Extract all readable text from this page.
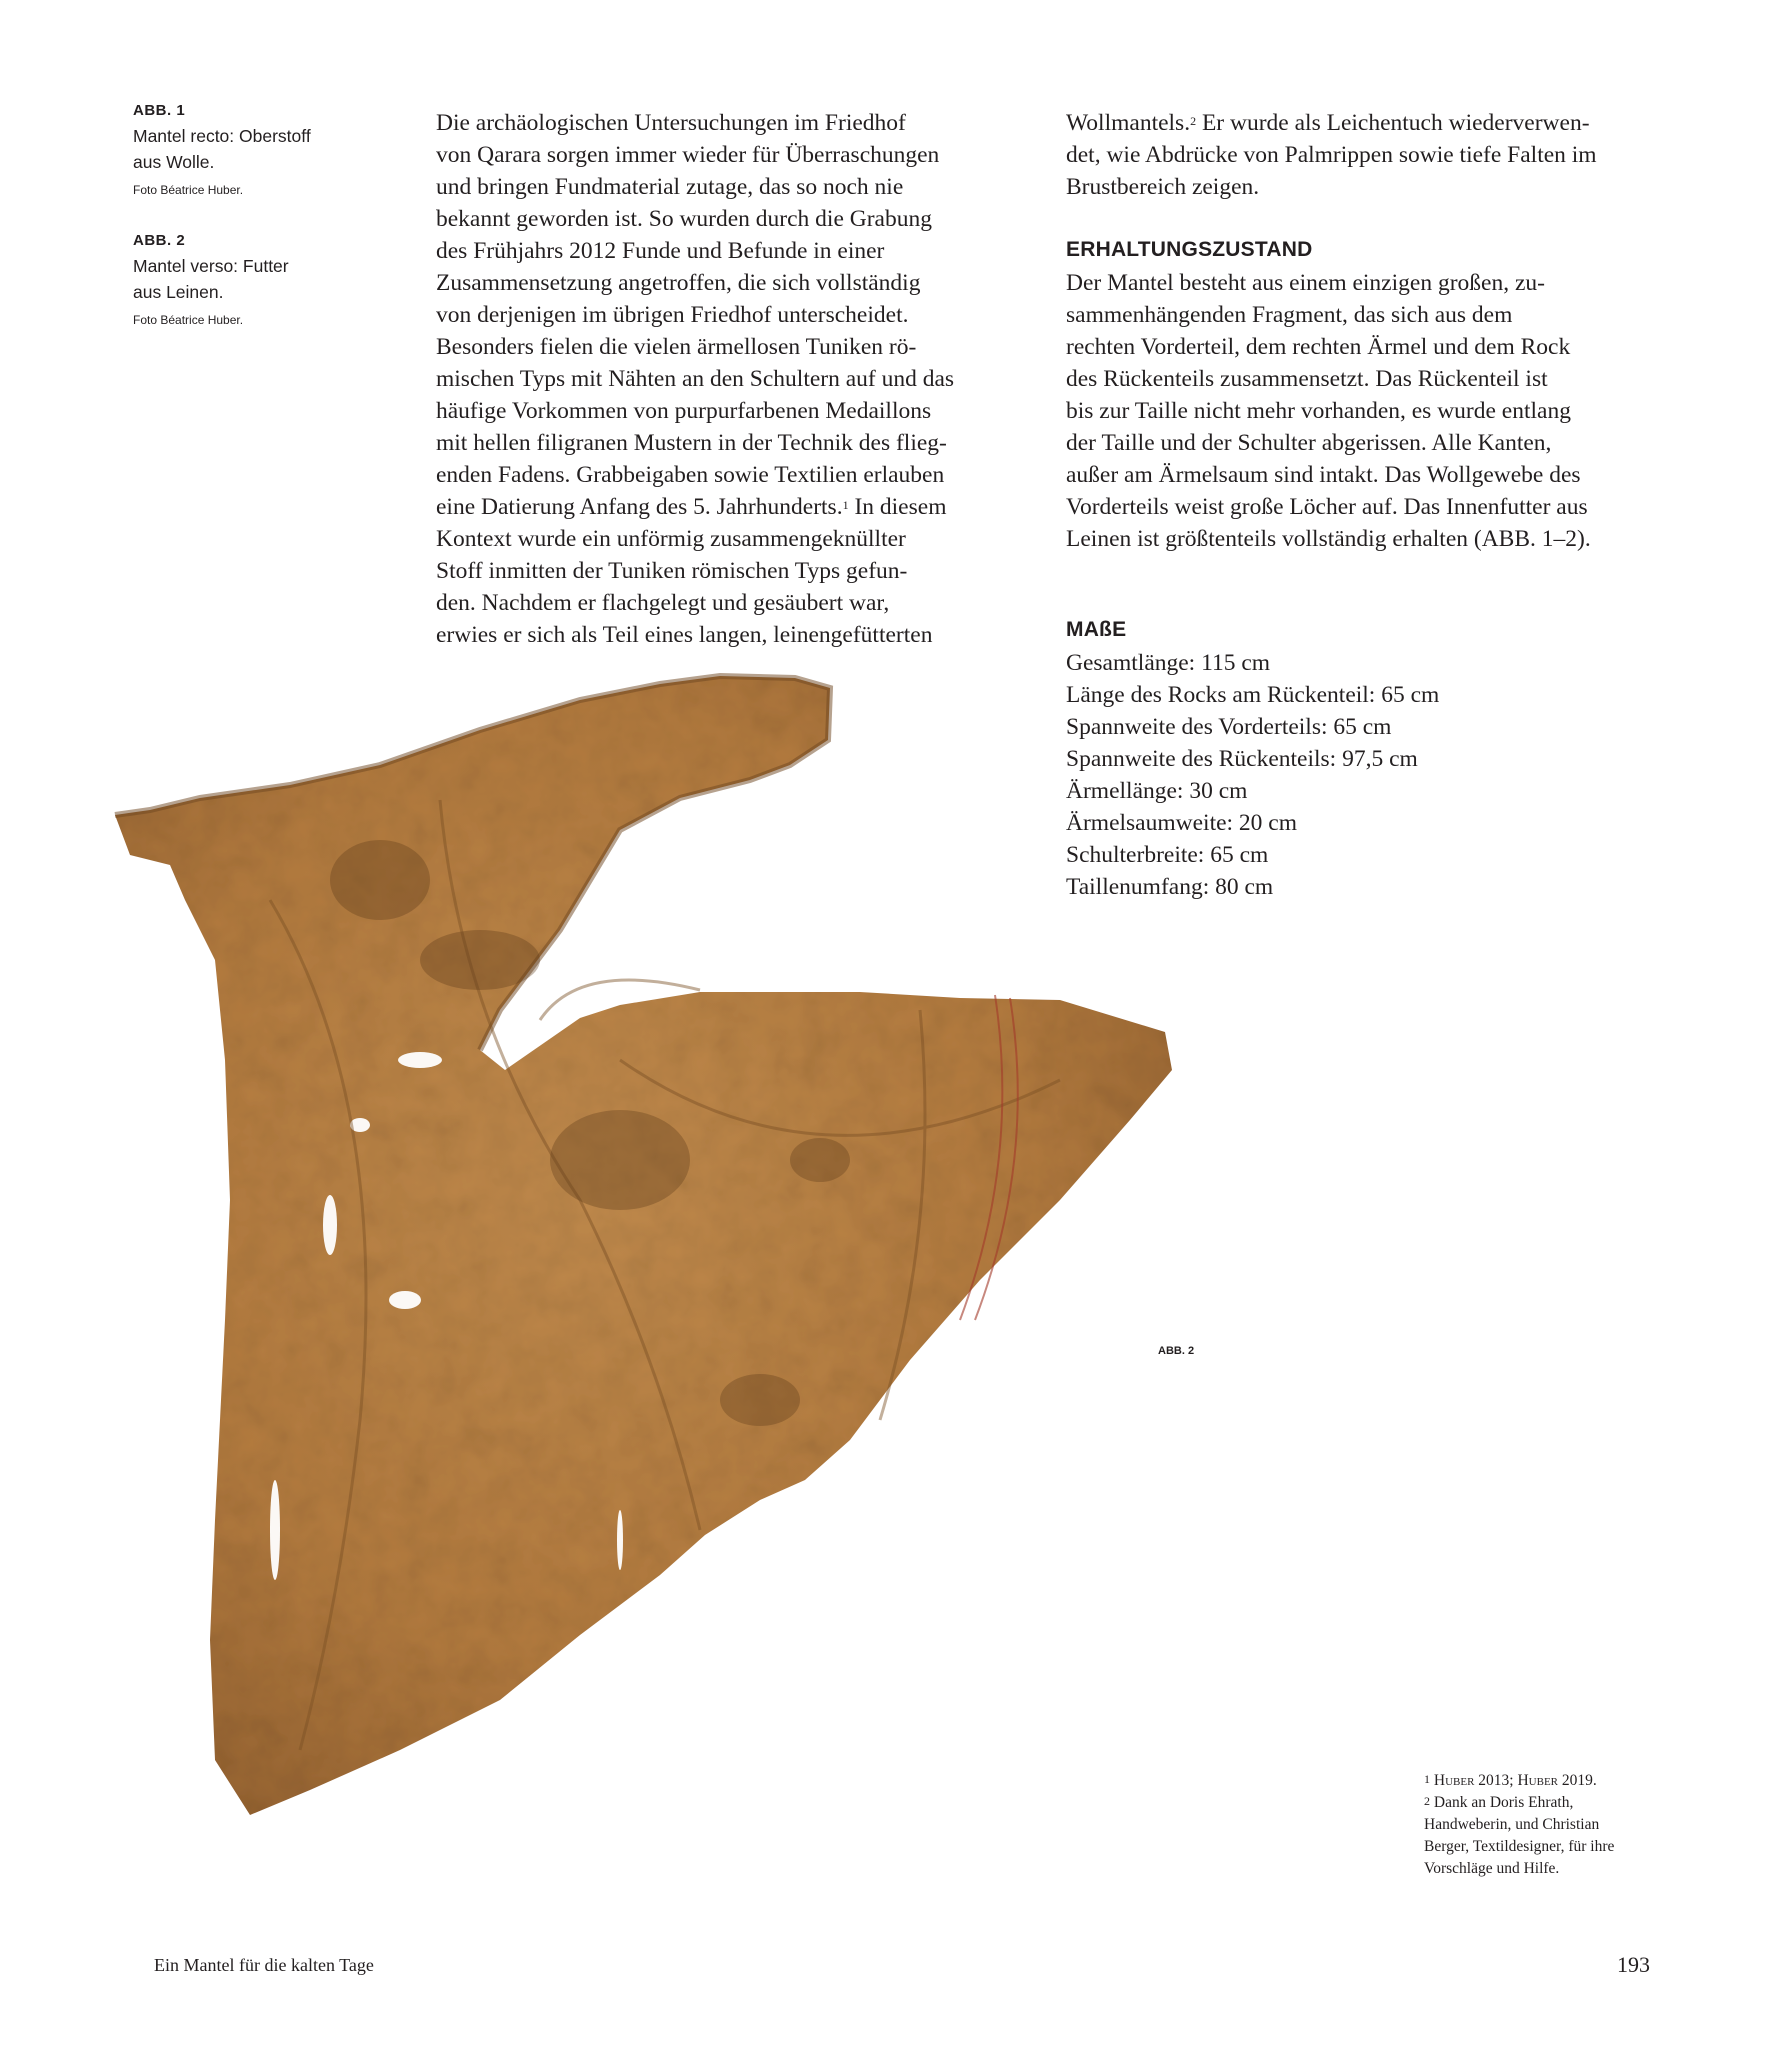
ABB. 1
Mantel recto: Oberstoff
aus Wolle.
Foto Béatrice Huber.
ABB. 2
Mantel verso: Futter
aus Leinen.
Foto Béatrice Huber.
Die archäologischen Untersuchungen im Friedhof
von Qarara sorgen immer wieder für Überraschungen
und bringen Fundmaterial zutage, das so noch nie
bekannt geworden ist. So wurden durch die Grabung
des Frühjahrs 2012 Funde und Befunde in einer
Zusammensetzung angetroffen, die sich vollständig
von derjenigen im übrigen Friedhof unterscheidet.
Besonders fielen die vielen ärmellosen Tuniken rö-
mischen Typs mit Nähten an den Schultern auf und das
häufige Vorkommen von purpurfarbenen Medaillons
mit hellen filigranen Mustern in der Technik des flieg-
enden Fadens. Grabbeigaben sowie Textilien erlauben
eine Datierung Anfang des 5. Jahrhunderts.$^1$ In diesem
Kontext wurde ein unförmig zusammengeknüllter
Stoff inmitten der Tuniken römischen Typs gefun-
den. Nachdem er flachgelegt und gesäubert war,
erwies er sich als Teil eines langen, leinengefütterten
Wollmantels.$^2$ Er wurde als Leichentuch wiederverwen-
det, wie Abdrücke von Palmrippen sowie tiefe Falten im
Brustbereich zeigen.
ERHALTUNGSZUSTAND
Der Mantel besteht aus einem einzigen großen, zu-
sammenhängenden Fragment, das sich aus dem
rechten Vorderteil, dem rechten Ärmel und dem Rock
des Rückenteils zusammensetzt. Das Rückenteil ist
bis zur Taille nicht mehr vorhanden, es wurde entlang
der Taille und der Schulter abgerissen. Alle Kanten,
außer am Ärmelsaum sind intakt. Das Wollgewebe des
Vorderteils weist große Löcher auf. Das Innenfutter aus
Leinen ist größtenteils vollständig erhalten (ABB. 1–2).
MAßE
Gesamtlänge: 115 cm
Länge des Rocks am Rückenteil: 65 cm
Spannweite des Vorderteils: 65 cm
Spannweite des Rückenteils: 97,5 cm
Ärmellänge: 30 cm
Ärmelsaumweite: 20 cm
Schulterbreite: 65 cm
Taillenumfang: 80 cm
ABB. 2
$^1$ Huber 2013; Huber 2019.
$^2$ Dank an Doris Ehrath,
Handweberin, und Christian
Berger, Textildesigner, für ihre
Vorschläge und Hilfe.
Ein Mantel für die kalten Tage	193
